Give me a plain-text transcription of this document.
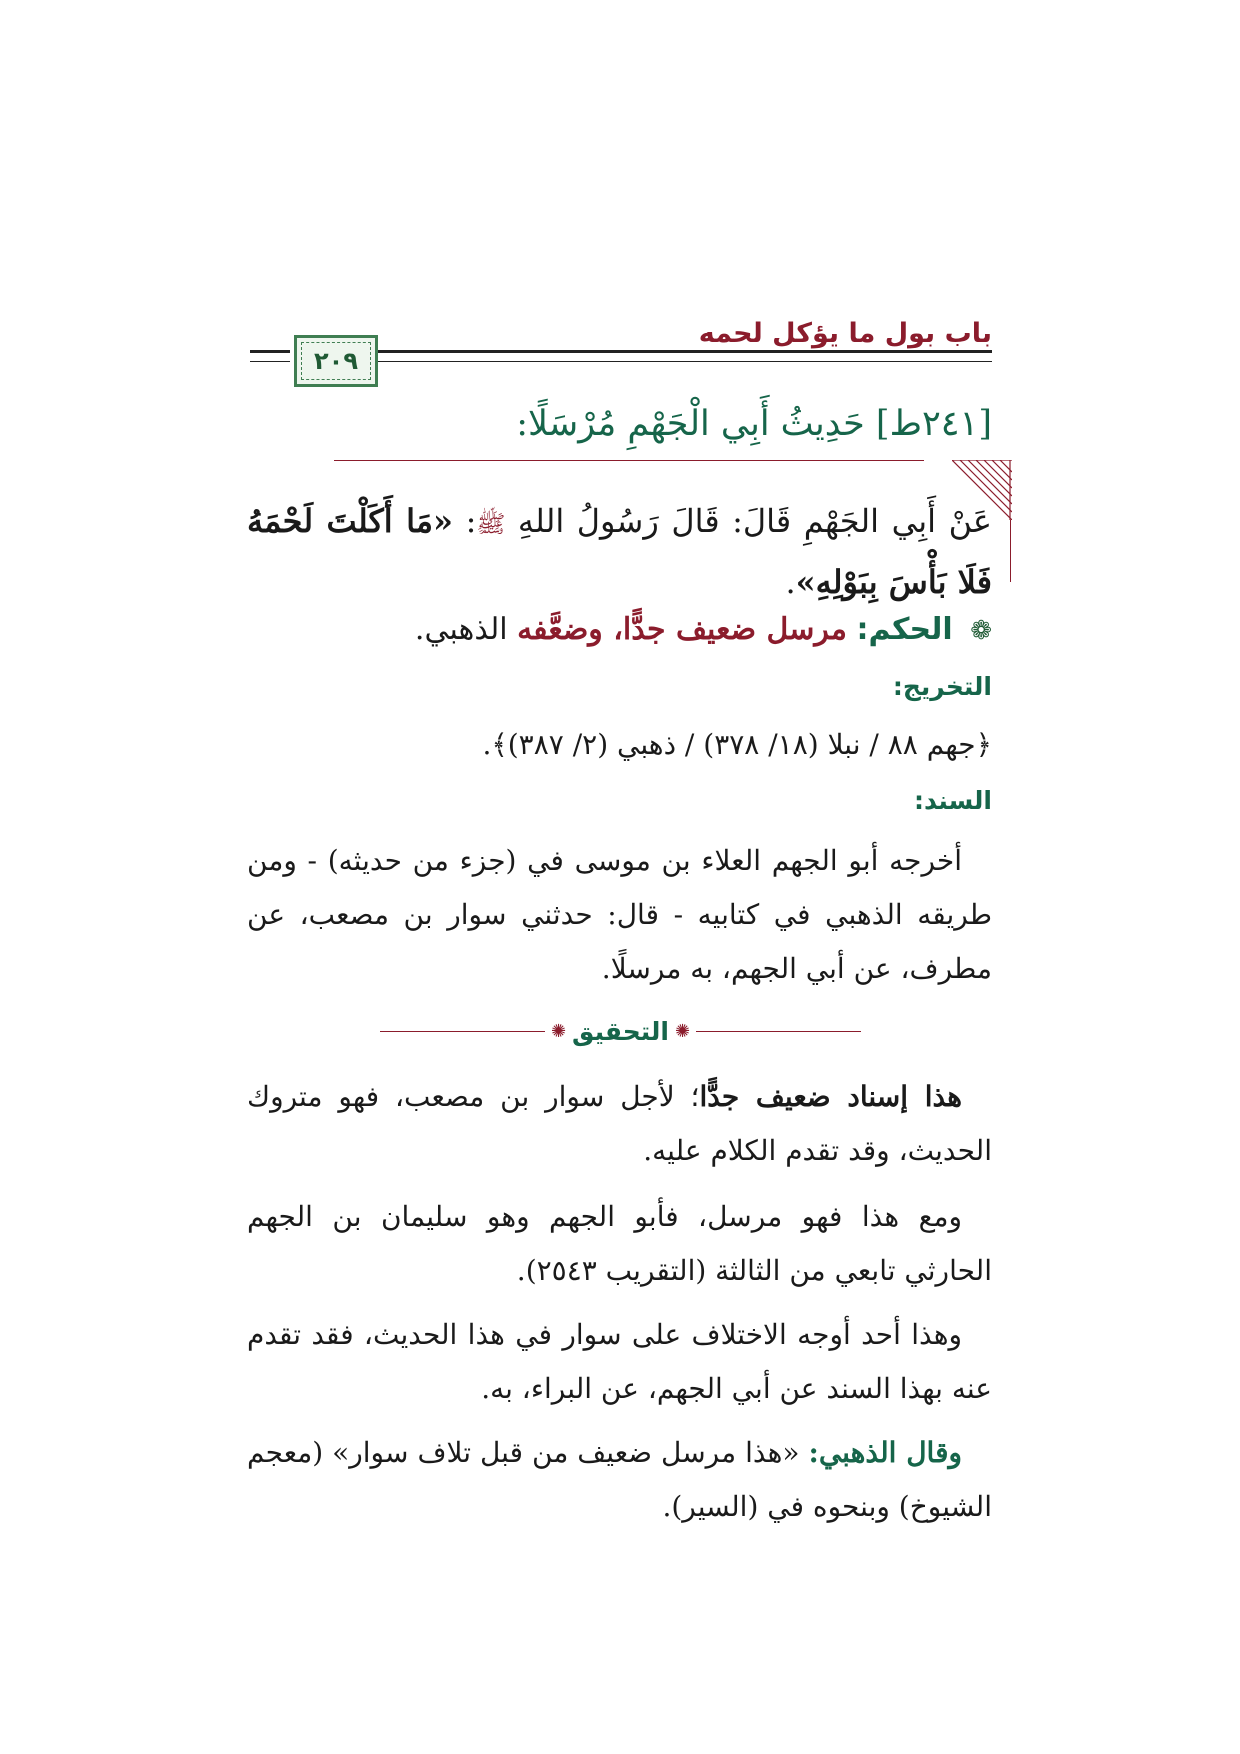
باب بول ما يؤكل لحمه
٢٠٩
[٢٤١ط] حَدِيثُ أَبِي الْجَهْمِ مُرْسَلًا:
عَنْ أَبِي الجَهْمِ قَالَ: قَالَ رَسُولُ اللهِ ﷺ: «مَا أَكَلْتَ لَحْمَهُ فَلَا بَأْسَ بِبَوْلِهِ».
❁ الحكم: مرسل ضعيف جدًّا، وضعَّفه الذهبي.
التخريج:
﴿جهم ٨٨ / نبلا (١٨/ ٣٧٨) / ذهبي (٢/ ٣٨٧)﴾.
السند:

أخرجه أبو الجهم العلاء بن موسى في (جزء من حديثه) - ومن طريقه الذهبي في كتابيه - قال: حدثني سوار بن مصعب، عن مطرف، عن أبي الجهم، به مرسلًا.

✺
التحقيق
✺

هذا إسناد ضعيف جدًّا؛ لأجل سوار بن مصعب، فهو متروك الحديث، وقد تقدم الكلام عليه.

ومع هذا فهو مرسل، فأبو الجهم وهو سليمان بن الجهم الحارثي تابعي من الثالثة (التقريب ٢٥٤٣).

وهذا أحد أوجه الاختلاف على سوار في هذا الحديث، فقد تقدم عنه بهذا السند عن أبي الجهم، عن البراء، به.

وقال الذهبي: «هذا مرسل ضعيف من قبل تلاف سوار» (معجم الشيوخ) وبنحوه في (السير).
